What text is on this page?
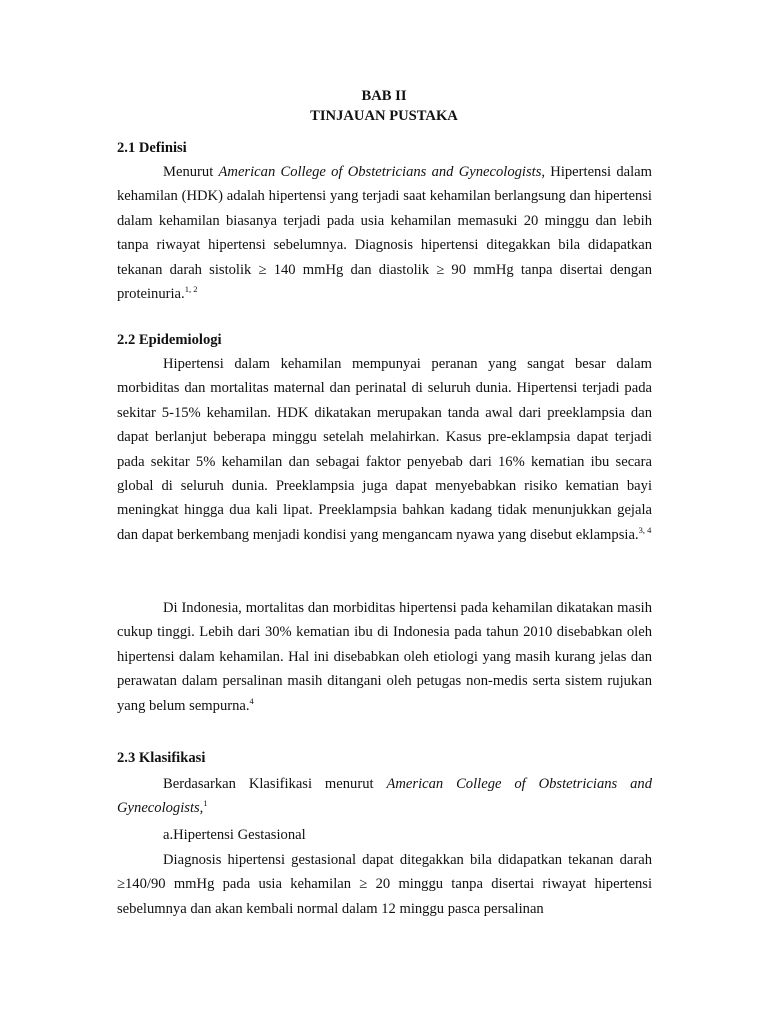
BAB II
TINJAUAN PUSTAKA
2.1 Definisi

Menurut American College of Obstetricians and Gynecologists, Hipertensi dalam kehamilan (HDK) adalah hipertensi yang terjadi saat kehamilan berlangsung dan hipertensi dalam kehamilan biasanya terjadi pada usia kehamilan memasuki 20 minggu dan lebih tanpa riwayat hipertensi sebelumnya. Diagnosis hipertensi ditegakkan bila didapatkan tekanan darah sistolik ≥ 140 mmHg dan diastolik ≥ 90 mmHg tanpa disertai dengan proteinuria.$^{1, 2}$

2.2 Epidemiologi

Hipertensi dalam kehamilan mempunyai peranan yang sangat besar dalam morbiditas dan mortalitas maternal dan perinatal di seluruh dunia. Hipertensi terjadi pada sekitar 5-15% kehamilan. HDK dikatakan merupakan tanda awal dari preeklampsia dan dapat berlanjut beberapa minggu setelah melahirkan. Kasus pre-eklampsia dapat terjadi pada sekitar 5% kehamilan dan sebagai faktor penyebab dari 16% kematian ibu secara global di seluruh dunia. Preeklampsia juga dapat menyebabkan risiko kematian bayi meningkat hingga dua kali lipat. Preeklampsia bahkan kadang tidak menunjukkan gejala dan dapat berkembang menjadi kondisi yang mengancam nyawa yang disebut eklampsia.$^{3, 4}$

Di Indonesia, mortalitas dan morbiditas hipertensi pada kehamilan dikatakan masih cukup tinggi. Lebih dari 30% kematian ibu di Indonesia pada tahun 2010 disebabkan oleh hipertensi dalam kehamilan. Hal ini disebabkan oleh etiologi yang masih kurang jelas dan perawatan dalam persalinan masih ditangani oleh petugas non-medis serta sistem rujukan yang belum sempurna.$^4$

2.3 Klasifikasi

Berdasarkan Klasifikasi menurut American College of Obstetricians and Gynecologists,$^1$

a.Hipertensi Gestasional

Diagnosis hipertensi gestasional dapat ditegakkan bila didapatkan tekanan darah ≥140/90 mmHg pada usia kehamilan ≥ 20 minggu tanpa disertai riwayat hipertensi sebelumnya dan akan kembali normal dalam 12 minggu pasca persalinan
